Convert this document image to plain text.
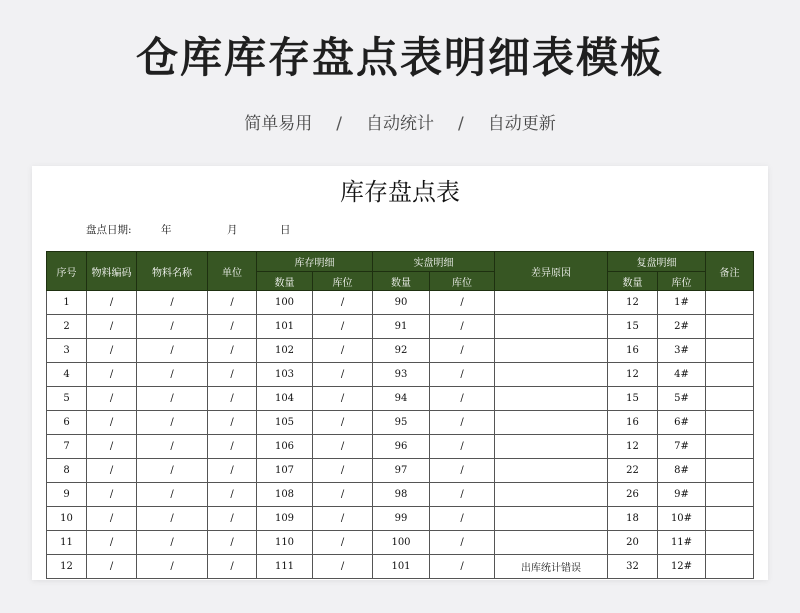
仓库库存盘点表明细表模板
简单易用 / 自动统计 / 自动更新
库存盘点表
盘点日期:	年	月	日
序号	物料编码	物料名称	单位	库存明细		实盘明细		差异原因	复盘明细		备注
				数量	库位	数量	库位		数量	库位	
1	/	/	/	100	/	90	/		12	1#	
2	/	/	/	101	/	91	/		15	2#	
3	/	/	/	102	/	92	/		16	3#	
4	/	/	/	103	/	93	/		12	4#	
5	/	/	/	104	/	94	/		15	5#	
6	/	/	/	105	/	95	/		16	6#	
7	/	/	/	106	/	96	/		12	7#	
8	/	/	/	107	/	97	/		22	8#	
9	/	/	/	108	/	98	/		26	9#	
10	/	/	/	109	/	99	/		18	10#	
11	/	/	/	110	/	100	/		20	11#	
12	/	/	/	111	/	101	/	出库统计错误	32	12#	
